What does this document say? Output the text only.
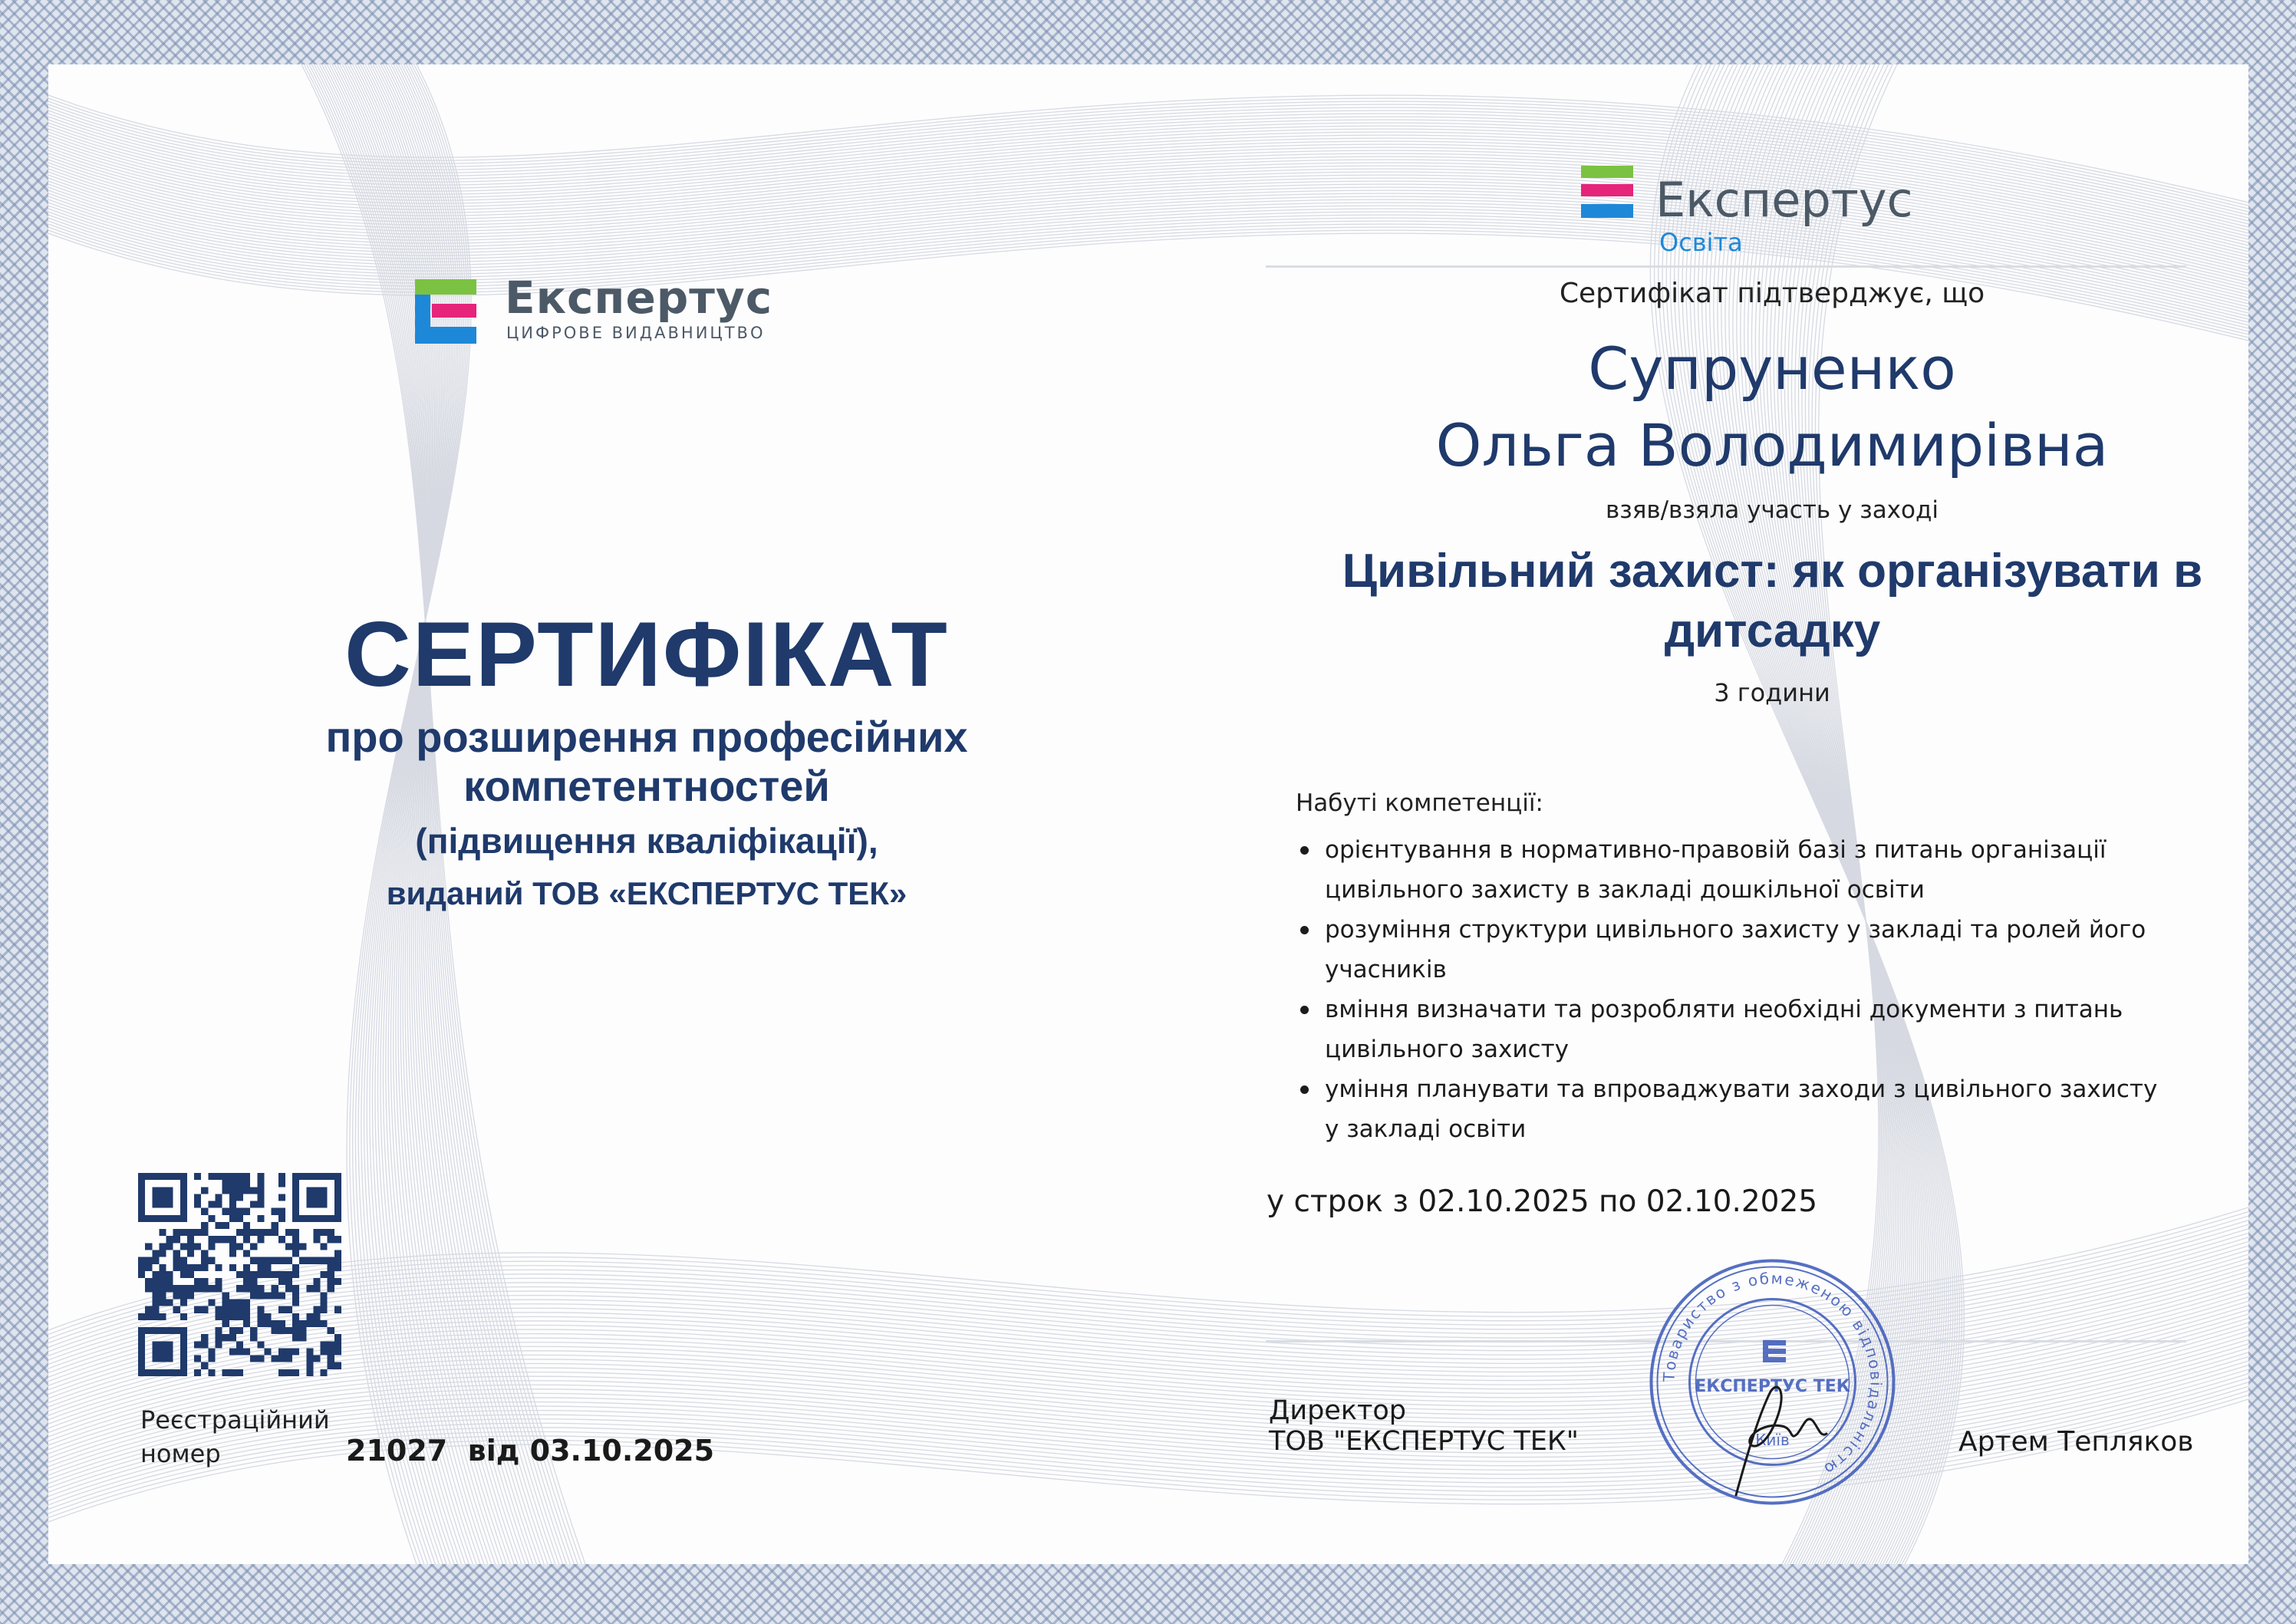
Експертус
ЦИФРОВЕ ВИДАВНИЦТВО
Експертус
Освіта
СЕРТИФІКАТ
про розширення професійних
компетентностей
(підвищення кваліфікації),
виданий ТОВ «ЕКСПЕРТУС ТЕК»
Реєстраційний
номер	21027  від 03.10.2025
Сертифікат підтверджує, що
Супруненко
Ольга Володимирівна
взяв/взяла участь у заході
Цивільний захист: як організувати в дитсадку
3 години
Набуті компетенції:
орієнтування в нормативно-правовій базі з питань організації цивільного захисту в закладі дошкільної освіти
розуміння структури цивільного захисту у закладі та ролей його учасників
вміння визначати та розробляти необхідні документи з питань цивільного захисту
уміння планувати та впроваджувати заходи з цивільного захисту у закладі освіти
у строк з 02.10.2025 по 02.10.2025
Директор
ТОВ "ЕКСПЕРТУС ТЕК"	Артем Тепляков
Товариство з обмеженою відповідальністю
ЕКСПЕРТУС ТЕК
Київ
